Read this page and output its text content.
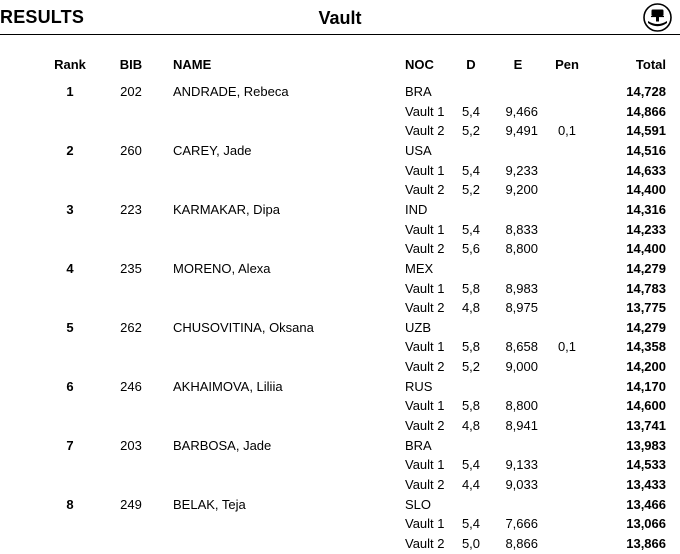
RESULTS	Vault
Rank	BIB	NAME	NOC	D	E	Pen	Total
1	202	ANDRADE, Rebeca	BRA	14,728
Vault 1	5,4	9,466	14,866
Vault 2	5,2	9,491	0,1	14,591
2	260	CAREY, Jade	USA	14,516
Vault 1	5,4	9,233	14,633
Vault 2	5,2	9,200	14,400
3	223	KARMAKAR, Dipa	IND	14,316
Vault 1	5,4	8,833	14,233
Vault 2	5,6	8,800	14,400
4	235	MORENO, Alexa	MEX	14,279
Vault 1	5,8	8,983	14,783
Vault 2	4,8	8,975	13,775
5	262	CHUSOVITINA, Oksana	UZB	14,279
Vault 1	5,8	8,658	0,1	14,358
Vault 2	5,2	9,000	14,200
6	246	AKHAIMOVA, Liliia	RUS	14,170
Vault 1	5,8	8,800	14,600
Vault 2	4,8	8,941	13,741
7	203	BARBOSA, Jade	BRA	13,983
Vault 1	5,4	9,133	14,533
Vault 2	4,4	9,033	13,433
8	249	BELAK, Teja	SLO	13,466
Vault 1	5,4	7,666	13,066
Vault 2	5,0	8,866	13,866
